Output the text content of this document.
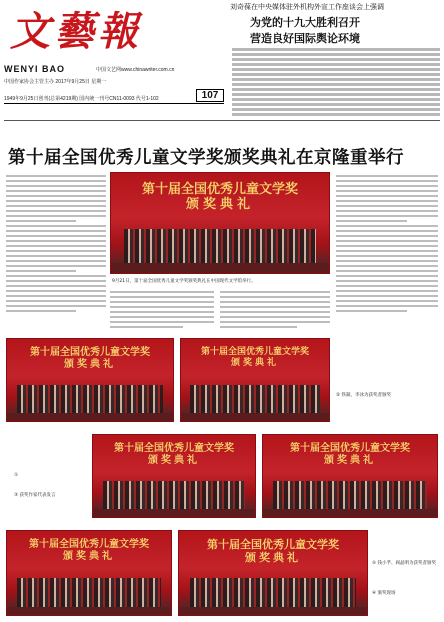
文藝報
WENYI BAO
中国作家协会主管主办 2017年9月25日 星期一
1949年9月25日创刊(总第4219期) 国内统一刊号CN11-0093 代号1-102
中国文艺网www.chinawriter.com.cn
107
刘奇葆在中央媒体驻外机构外宣工作座谈会上强调
为党的十九大胜利召开
营造良好国际舆论环境
第十届全国优秀儿童文学奖颁奖典礼在京隆重举行
第十届全国优秀儿童文学奖
颁奖典礼
9月21日，第十届全国优秀儿童文学奖颁奖典礼在中国现代文学馆举行。
第十届全国优秀儿童文学奖
颁奖典礼
第十届全国优秀儿童文学奖
颁奖典礼
② 铁凝、李冰为获奖者颁奖
①
第十届全国优秀儿童文学奖
颁奖典礼
第十届全国优秀儿童文学奖
颁奖典礼
③ 获奖作家代表发言
第十届全国优秀儿童文学奖
颁奖典礼
第十届全国优秀儿童文学奖
颁奖典礼	⑤ 钱小芊、阎晶明为获奖者颁奖
④ 颁奖现场
